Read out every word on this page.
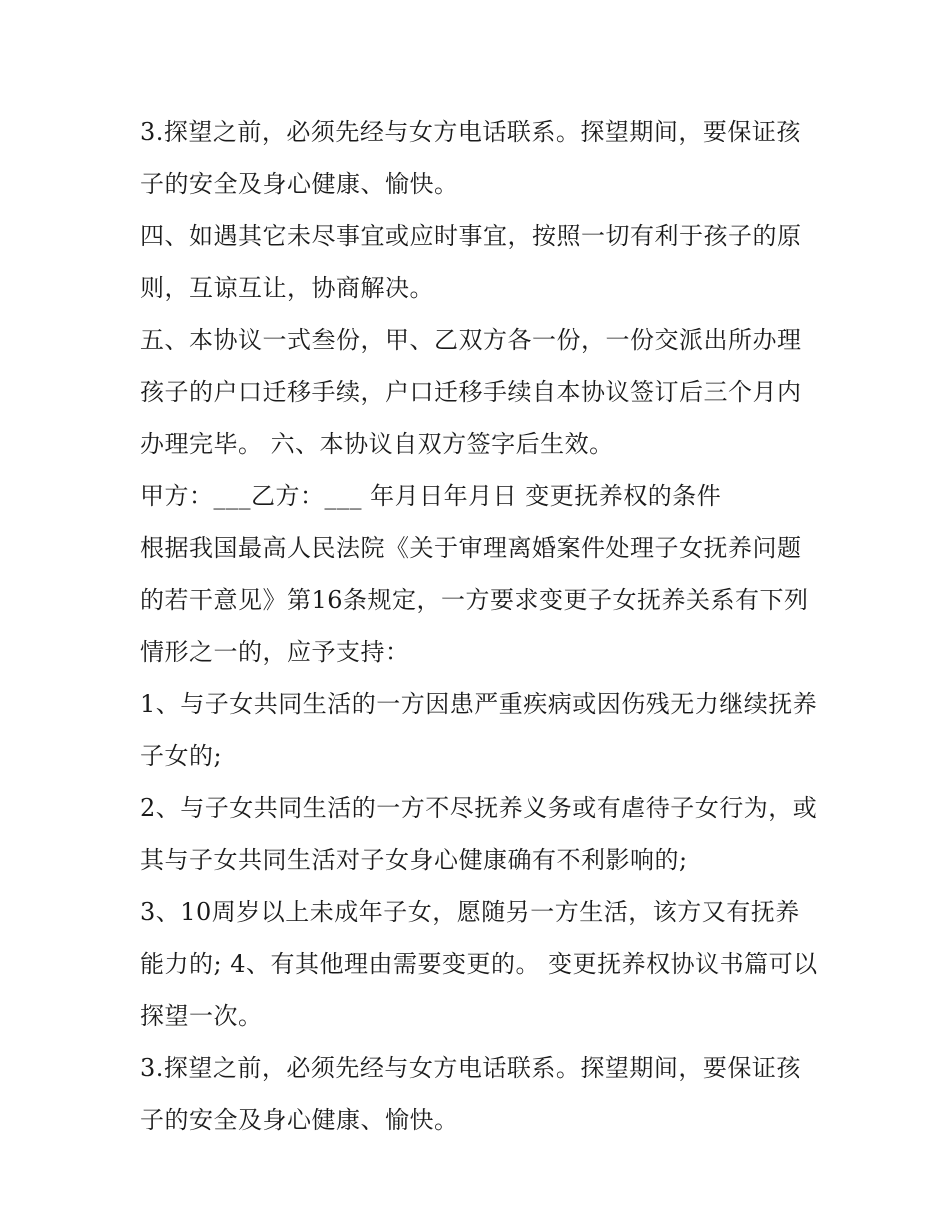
3.探望之前，必须先经与女方电话联系。探望期间，要保证孩子的安全及身心健康、愉快。

四、如遇其它未尽事宜或应时事宜，按照一切有利于孩子的原则，互谅互让，协商解决。

五、本协议一式叁份，甲、乙双方各一份，一份交派出所办理孩子的户口迁移手续，户口迁移手续自本协议签订后三个月内办理完毕。 六、本协议自双方签字后生效。

甲方：___乙方：___ 年月日年月日 变更抚养权的条件

根据我国最高人民法院《关于审理离婚案件处理子女抚养问题的若干意见》第16条规定，一方要求变更子女抚养关系有下列情形之一的，应予支持：

1、与子女共同生活的一方因患严重疾病或因伤残无力继续抚养子女的;

2、与子女共同生活的一方不尽抚养义务或有虐待子女行为，或其与子女共同生活对子女身心健康确有不利影响的;

3、10周岁以上未成年子女，愿随另一方生活，该方又有抚养能力的; 4、有其他理由需要变更的。 变更抚养权协议书篇可以探望一次。

3.探望之前，必须先经与女方电话联系。探望期间，要保证孩子的安全及身心健康、愉快。
